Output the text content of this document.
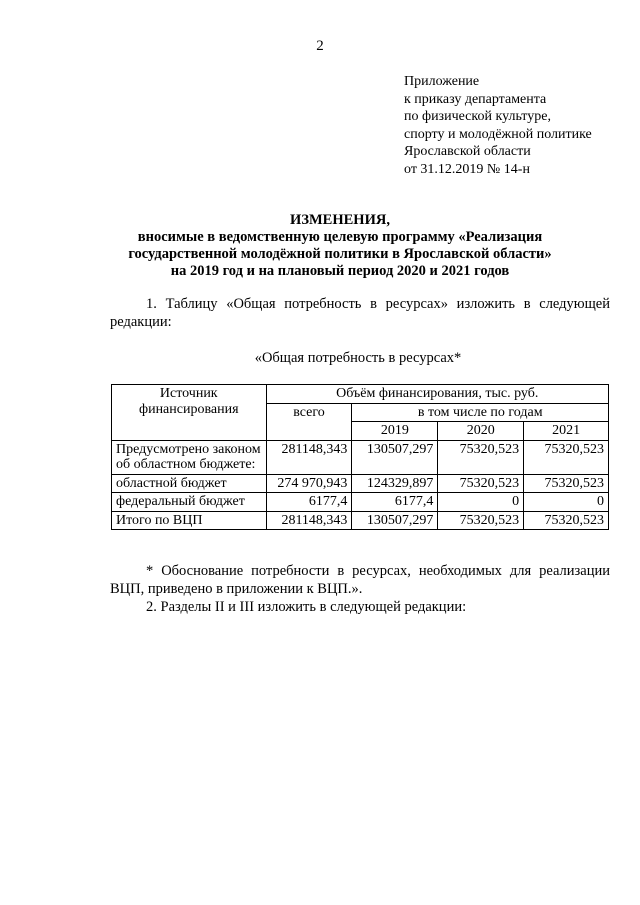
2
Приложение
к приказу департамента
по физической культуре,
спорту и молодёжной политике
Ярославской области
от 31.12.2019 № 14-н
ИЗМЕНЕНИЯ,
вносимые в ведомственную целевую программу «Реализация
государственной молодёжной политики в Ярославской области»
на 2019 год и на плановый период 2020 и 2021 годов
1. Таблицу «Общая потребность в ресурсах» изложить в следующей редакции:
«Общая потребность в ресурсах*
Источник финансирования	Объём финансирования, тыс. руб.			
	всего	в том числе по годам		
		2019	2020	2021
Предусмотрено законом об областном бюджете:	281148,343	130507,297	75320,523	75320,523
областной бюджет	274 970,943	124329,897	75320,523	75320,523
федеральный бюджет	6177,4	6177,4	0	0
Итого по ВЦП	281148,343	130507,297	75320,523	75320,523
* Обоснование потребности в ресурсах, необходимых для реализации ВЦП, приведено в приложении к ВЦП.».
2. Разделы II и III изложить в следующей редакции:
